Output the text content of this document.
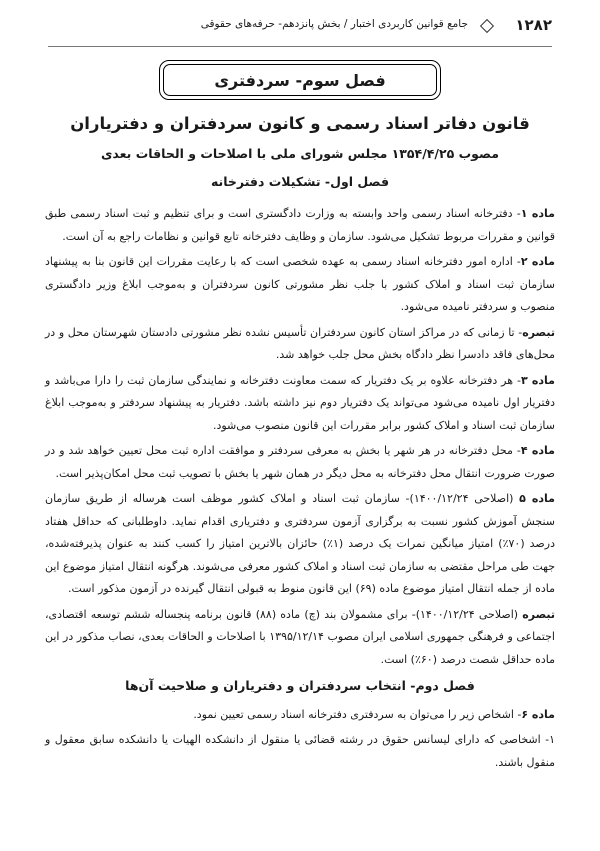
۱۲۸۲
جامع قوانین کاربردی اختبار / بخش پانزدهم- حرفه‌های حقوقی
فصل سوم- سردفتری
قانون دفاتر اسناد رسمی و کانون سردفتران و دفتریاران
مصوب ۱۳۵۴/۴/۲۵ مجلس شورای ملی با اصلاحات و الحاقات بعدی
فصل اول- تشکیلات دفترخانه

ماده ۱- دفترخانه اسناد رسمی واحد وابسته به وزارت دادگستری است و برای تنظیم و ثبت اسناد رسمی طبق قوانین و مقررات مربوط تشکیل می‌شود. سازمان و وظایف دفترخانه تابع قوانین و نظامات راجع به آن است.

ماده ۲- اداره امور دفترخانه اسناد رسمی به عهده شخصی است که با رعایت مقررات این قانون بنا به پیشنهاد سازمان ثبت اسناد و املاک کشور با جلب نظر مشورتی کانون سردفتران و به‌موجب ابلاغ وزیر دادگستری منصوب و سردفتر نامیده می‌شود.

تبصره- تا زمانی که در مراکز استان کانون سردفتران تأسیس نشده نظر مشورتی دادستان شهرستان محل و در محل‌های فاقد دادسرا نظر دادگاه بخش محل جلب خواهد شد.

ماده ۳- هر دفترخانه علاوه بر یک دفتریار که سمت معاونت دفترخانه و نمایندگی سازمان ثبت را دارا می‌باشد و دفتریار اول نامیده می‌شود می‌تواند یک دفتریار دوم نیز داشته باشد. دفتریار به پیشنهاد سردفتر و به‌موجب ابلاغ سازمان ثبت اسناد و املاک کشور برابر مقررات این قانون منصوب می‌شود.

ماده ۴- محل دفترخانه در هر شهر یا بخش به معرفی سردفتر و موافقت اداره ثبت محل تعیین خواهد شد و در صورت ضرورت انتقال محل دفترخانه به محل دیگر در همان شهر یا بخش با تصویب ثبت محل امکان‌پذیر است.

ماده ۵ (اصلاحی ۱۴۰۰/۱۲/۲۴)- سازمان ثبت اسناد و املاک کشور موظف است هرساله از طریق سازمان سنجش آموزش کشور نسبت به برگزاری آزمون سردفتری و دفتریاری اقدام نماید. داوطلبانی که حداقل هفتاد درصد (۷۰٪) امتیاز میانگین نمرات یک درصد (۱٪) حائزان بالاترین امتیاز را کسب کنند به عنوان پذیرفته‌شده، جهت طی مراحل مقتضی به سازمان ثبت اسناد و املاک کشور معرفی می‌شوند. هرگونه انتقال امتیاز موضوع این ماده از جمله انتقال امتیاز موضوع ماده (۶۹) این قانون منوط به قبولی انتقال گیرنده در آزمون مذکور است.

تبصره (اصلاحی ۱۴۰۰/۱۲/۲۴)- برای مشمولان بند (چ) ماده (۸۸) قانون برنامه پنجساله ششم توسعه اقتصادی، اجتماعی و فرهنگی جمهوری اسلامی ایران مصوب ۱۳۹۵/۱۲/۱۴ با اصلاحات و الحاقات بعدی، نصاب مذکور در این ماده حداقل شصت درصد (۶۰٪) است.

فصل دوم- انتخاب سردفتران و دفتریاران و صلاحیت آن‌ها

ماده ۶- اشخاص زیر را می‌توان به سردفتری دفترخانه اسناد رسمی تعیین نمود.

۱- اشخاصی که دارای لیسانس حقوق در رشته قضائی یا منقول از دانشکده الهیات یا دانشکده سابق معقول و منقول باشند.
